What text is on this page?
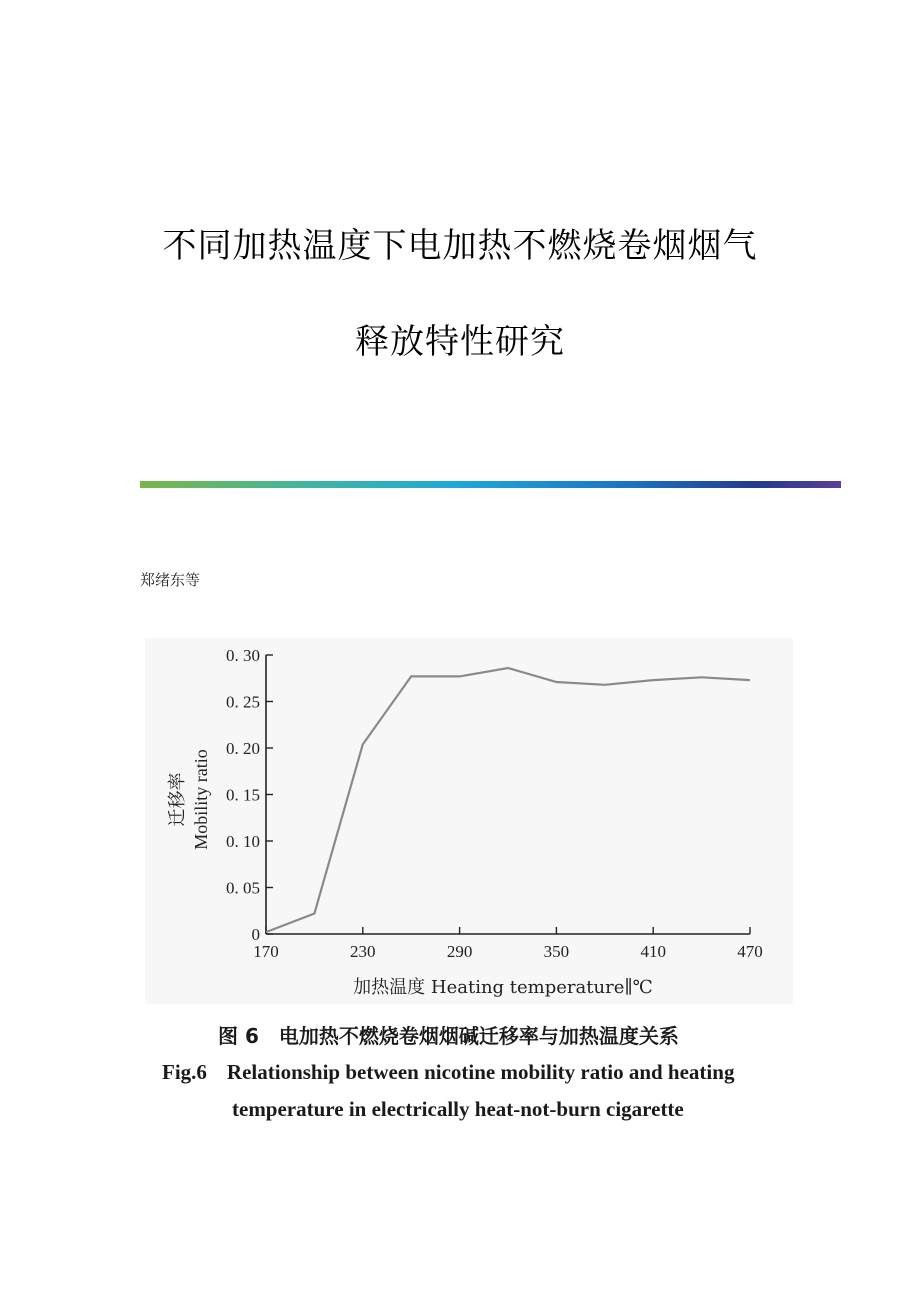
不同加热温度下电加热不燃烧卷烟烟气
释放特性研究
郑绪东等
170	230	290	350	410	470
0
0. 05
0. 10
0. 15
0. 20
0. 25
0. 30
加热温度 Heating temperature∥℃
迁移率 Mobility ratio
图 6 电加热不燃烧卷烟烟碱迁移率与加热温度关系
Fig.6 Relationship between nicotine mobility ratio and heating
temperature in electrically heat-not-burn cigarette
